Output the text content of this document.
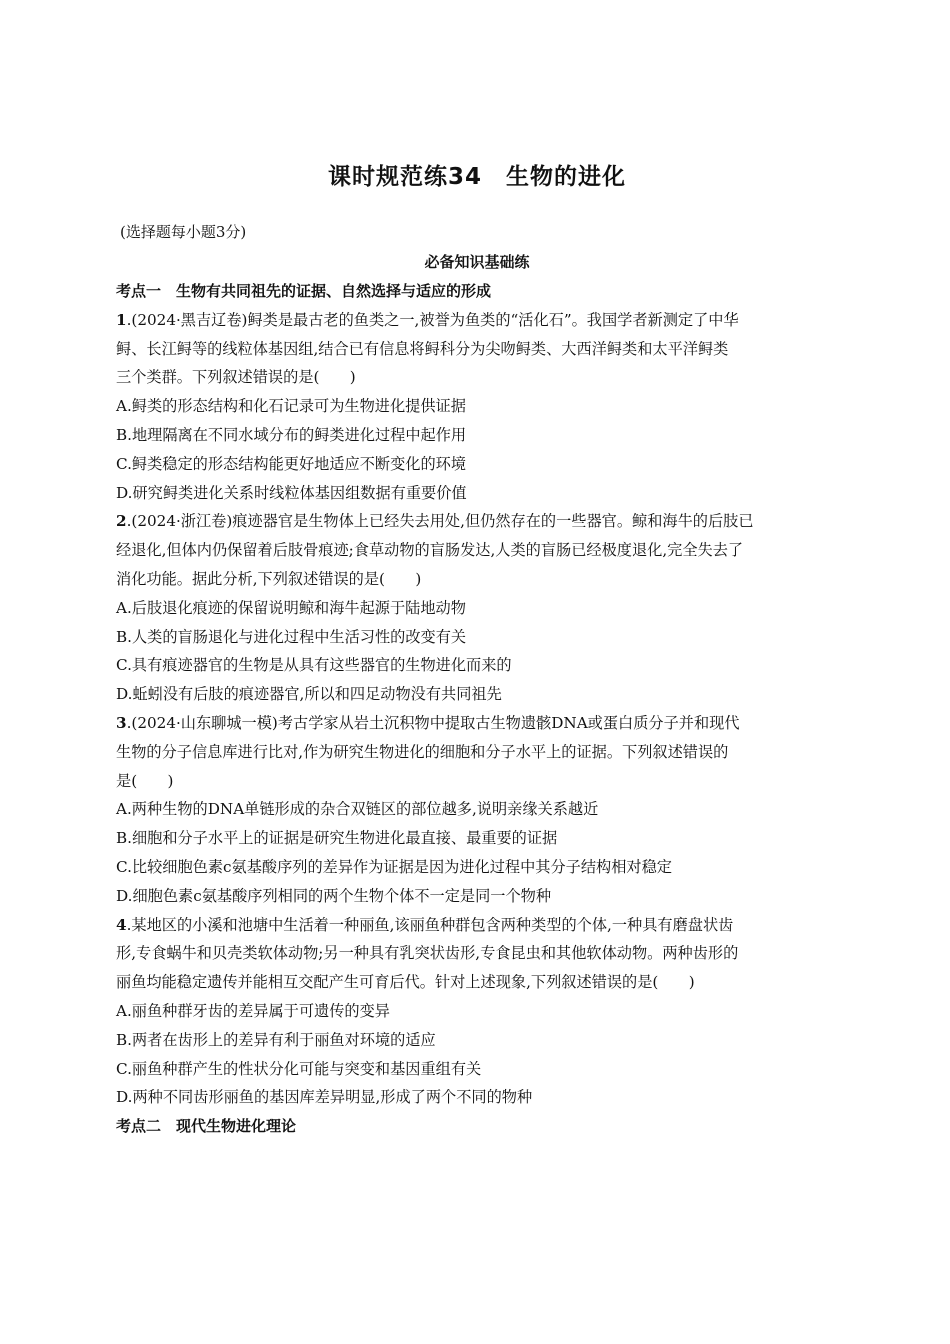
课时规范练34　生物的进化
(选择题每小题3分)
必备知识基础练
考点一　生物有共同祖先的证据、自然选择与适应的形成
1.(2024·黑吉辽卷)鲟类是最古老的鱼类之一,被誉为鱼类的“活化石”。我国学者新测定了中华
鲟、长江鲟等的线粒体基因组,结合已有信息将鲟科分为尖吻鲟类、大西洋鲟类和太平洋鲟类
三个类群。下列叙述错误的是(　　)
A.鲟类的形态结构和化石记录可为生物进化提供证据
B.地理隔离在不同水域分布的鲟类进化过程中起作用
C.鲟类稳定的形态结构能更好地适应不断变化的环境
D.研究鲟类进化关系时线粒体基因组数据有重要价值
2.(2024·浙江卷)痕迹器官是生物体上已经失去用处,但仍然存在的一些器官。鲸和海牛的后肢已
经退化,但体内仍保留着后肢骨痕迹;食草动物的盲肠发达,人类的盲肠已经极度退化,完全失去了
消化功能。据此分析,下列叙述错误的是(　　)
A.后肢退化痕迹的保留说明鲸和海牛起源于陆地动物
B.人类的盲肠退化与进化过程中生活习性的改变有关
C.具有痕迹器官的生物是从具有这些器官的生物进化而来的
D.蚯蚓没有后肢的痕迹器官,所以和四足动物没有共同祖先
3.(2024·山东聊城一模)考古学家从岩土沉积物中提取古生物遗骸DNA或蛋白质分子并和现代
生物的分子信息库进行比对,作为研究生物进化的细胞和分子水平上的证据。下列叙述错误的
是(　　)
A.两种生物的DNA单链形成的杂合双链区的部位越多,说明亲缘关系越近
B.细胞和分子水平上的证据是研究生物进化最直接、最重要的证据
C.比较细胞色素c氨基酸序列的差异作为证据是因为进化过程中其分子结构相对稳定
D.细胞色素c氨基酸序列相同的两个生物个体不一定是同一个物种
4.某地区的小溪和池塘中生活着一种丽鱼,该丽鱼种群包含两种类型的个体,一种具有磨盘状齿
形,专食蜗牛和贝壳类软体动物;另一种具有乳突状齿形,专食昆虫和其他软体动物。两种齿形的
丽鱼均能稳定遗传并能相互交配产生可育后代。针对上述现象,下列叙述错误的是(　　)
A.丽鱼种群牙齿的差异属于可遗传的变异
B.两者在齿形上的差异有利于丽鱼对环境的适应
C.丽鱼种群产生的性状分化可能与突变和基因重组有关
D.两种不同齿形丽鱼的基因库差异明显,形成了两个不同的物种
考点二　现代生物进化理论
